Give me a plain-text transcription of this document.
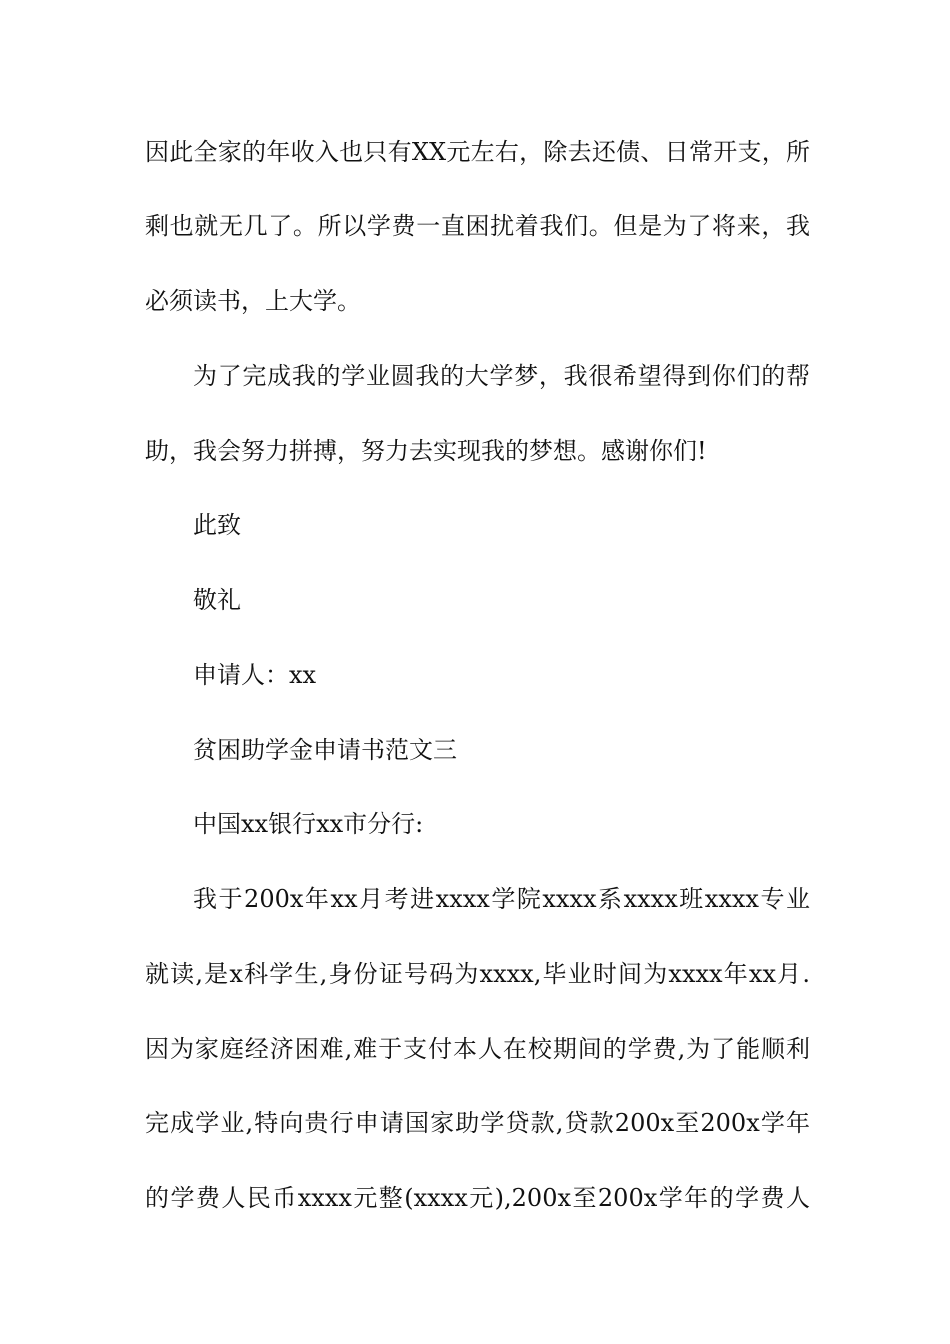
因此全家的年收入也只有XX元左右，除去还债、日常开支，所
剩也就无几了。所以学费一直困扰着我们。但是为了将来，我
必须读书，上大学。
为了完成我的学业圆我的大学梦，我很希望得到你们的帮
助，我会努力拼搏，努力去实现我的梦想。感谢你们!
此致
敬礼
申请人：xx
贫困助学金申请书范文三
中国xx银行xx市分行:
我于200x年xx月考进xxxx学院xxxx系xxxx班xxxx专业
就读,是x科学生,身份证号码为xxxx,毕业时间为xxxx年xx月.
因为家庭经济困难,难于支付本人在校期间的学费,为了能顺利
完成学业,特向贵行申请国家助学贷款,贷款200x至200x学年
的学费人民币xxxx元整(xxxx元),200x至200x学年的学费人
